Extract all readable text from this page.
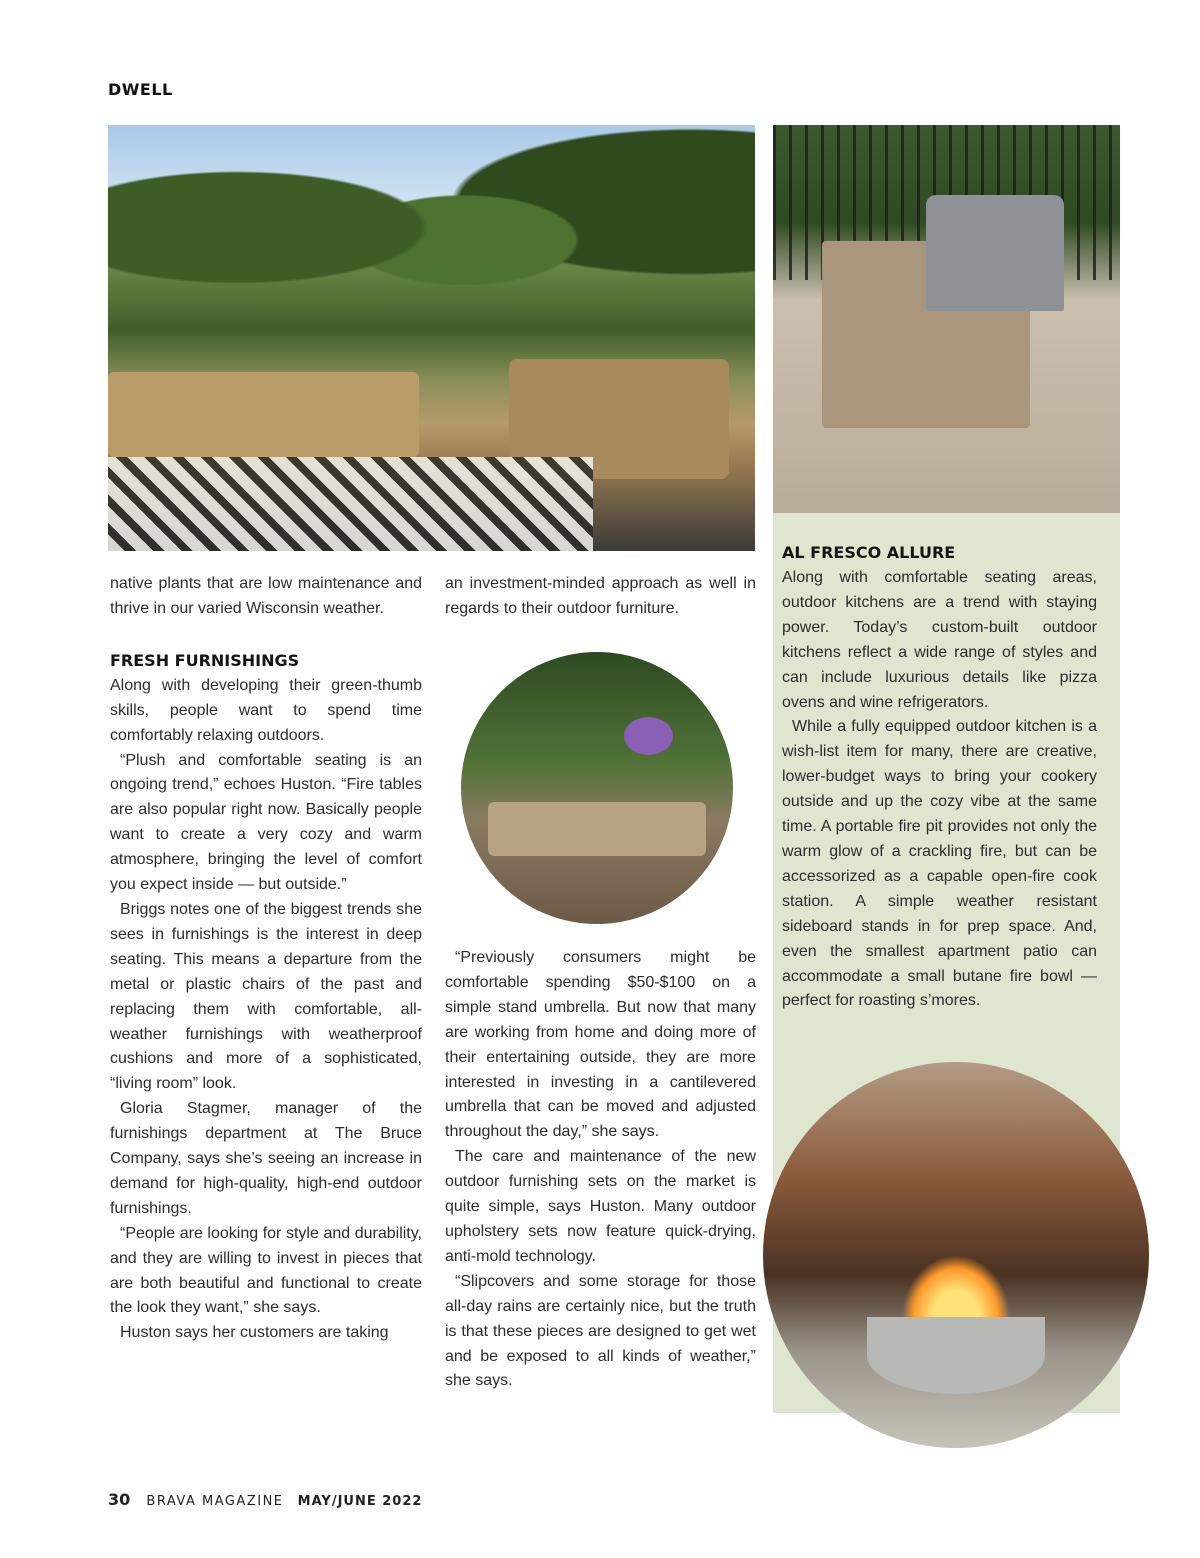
DWELL

native plants that are low maintenance and thrive in our varied Wisconsin weather.

FRESH FURNISHINGS

Along with developing their green-thumb skills, people want to spend time comfortably relaxing outdoors.

“Plush and comfortable seating is an ongoing trend,” echoes Huston. “Fire tables are also popular right now. Basically people want to create a very cozy and warm atmosphere, bringing the level of comfort you expect inside — but outside.”

Briggs notes one of the biggest trends she sees in furnishings is the interest in deep seating. This means a departure from the metal or plastic chairs of the past and replacing them with comfortable, all-weather furnishings with weatherproof cushions and more of a sophisticated, “living room” look.

Gloria Stagmer, manager of the furnishings department at The Bruce Company, says she’s seeing an increase in demand for high-quality, high-end outdoor furnishings.

“People are looking for style and durability, and they are willing to invest in pieces that are both beautiful and functional to create the look they want,” she says.

Huston says her customers are taking

an investment-minded approach as well in regards to their outdoor furniture.

“Previously consumers might be comfortable spending $50-$100 on a simple stand umbrella. But now that many are working from home and doing more of their entertaining outside, they are more interested in investing in a cantilevered umbrella that can be moved and adjusted throughout the day,” she says.

The care and maintenance of the new outdoor furnishing sets on the market is quite simple, says Huston. Many outdoor upholstery sets now feature quick-drying, anti-mold technology.

“Slipcovers and some storage for those all-day rains are certainly nice, but the truth is that these pieces are designed to get wet and be exposed to all kinds of weather,” she says.

AL FRESCO ALLURE

Along with comfortable seating areas, outdoor kitchens are a trend with staying power. Today’s custom-built outdoor kitchens reflect a wide range of styles and can include luxurious details like pizza ovens and wine refrigerators.

While a fully equipped outdoor kitchen is a wish-list item for many, there are creative, lower-budget ways to bring your cookery outside and up the cozy vibe at the same time. A portable fire pit provides not only the warm glow of a crackling fire, but can be accessorized as a capable open-fire cook station. A simple weather resistant sideboard stands in for prep space. And, even the smallest apartment patio can accommodate a small butane fire bowl — perfect for roasting s’mores.

30 BRAVA MAGAZINE MAY/JUNE 2022
